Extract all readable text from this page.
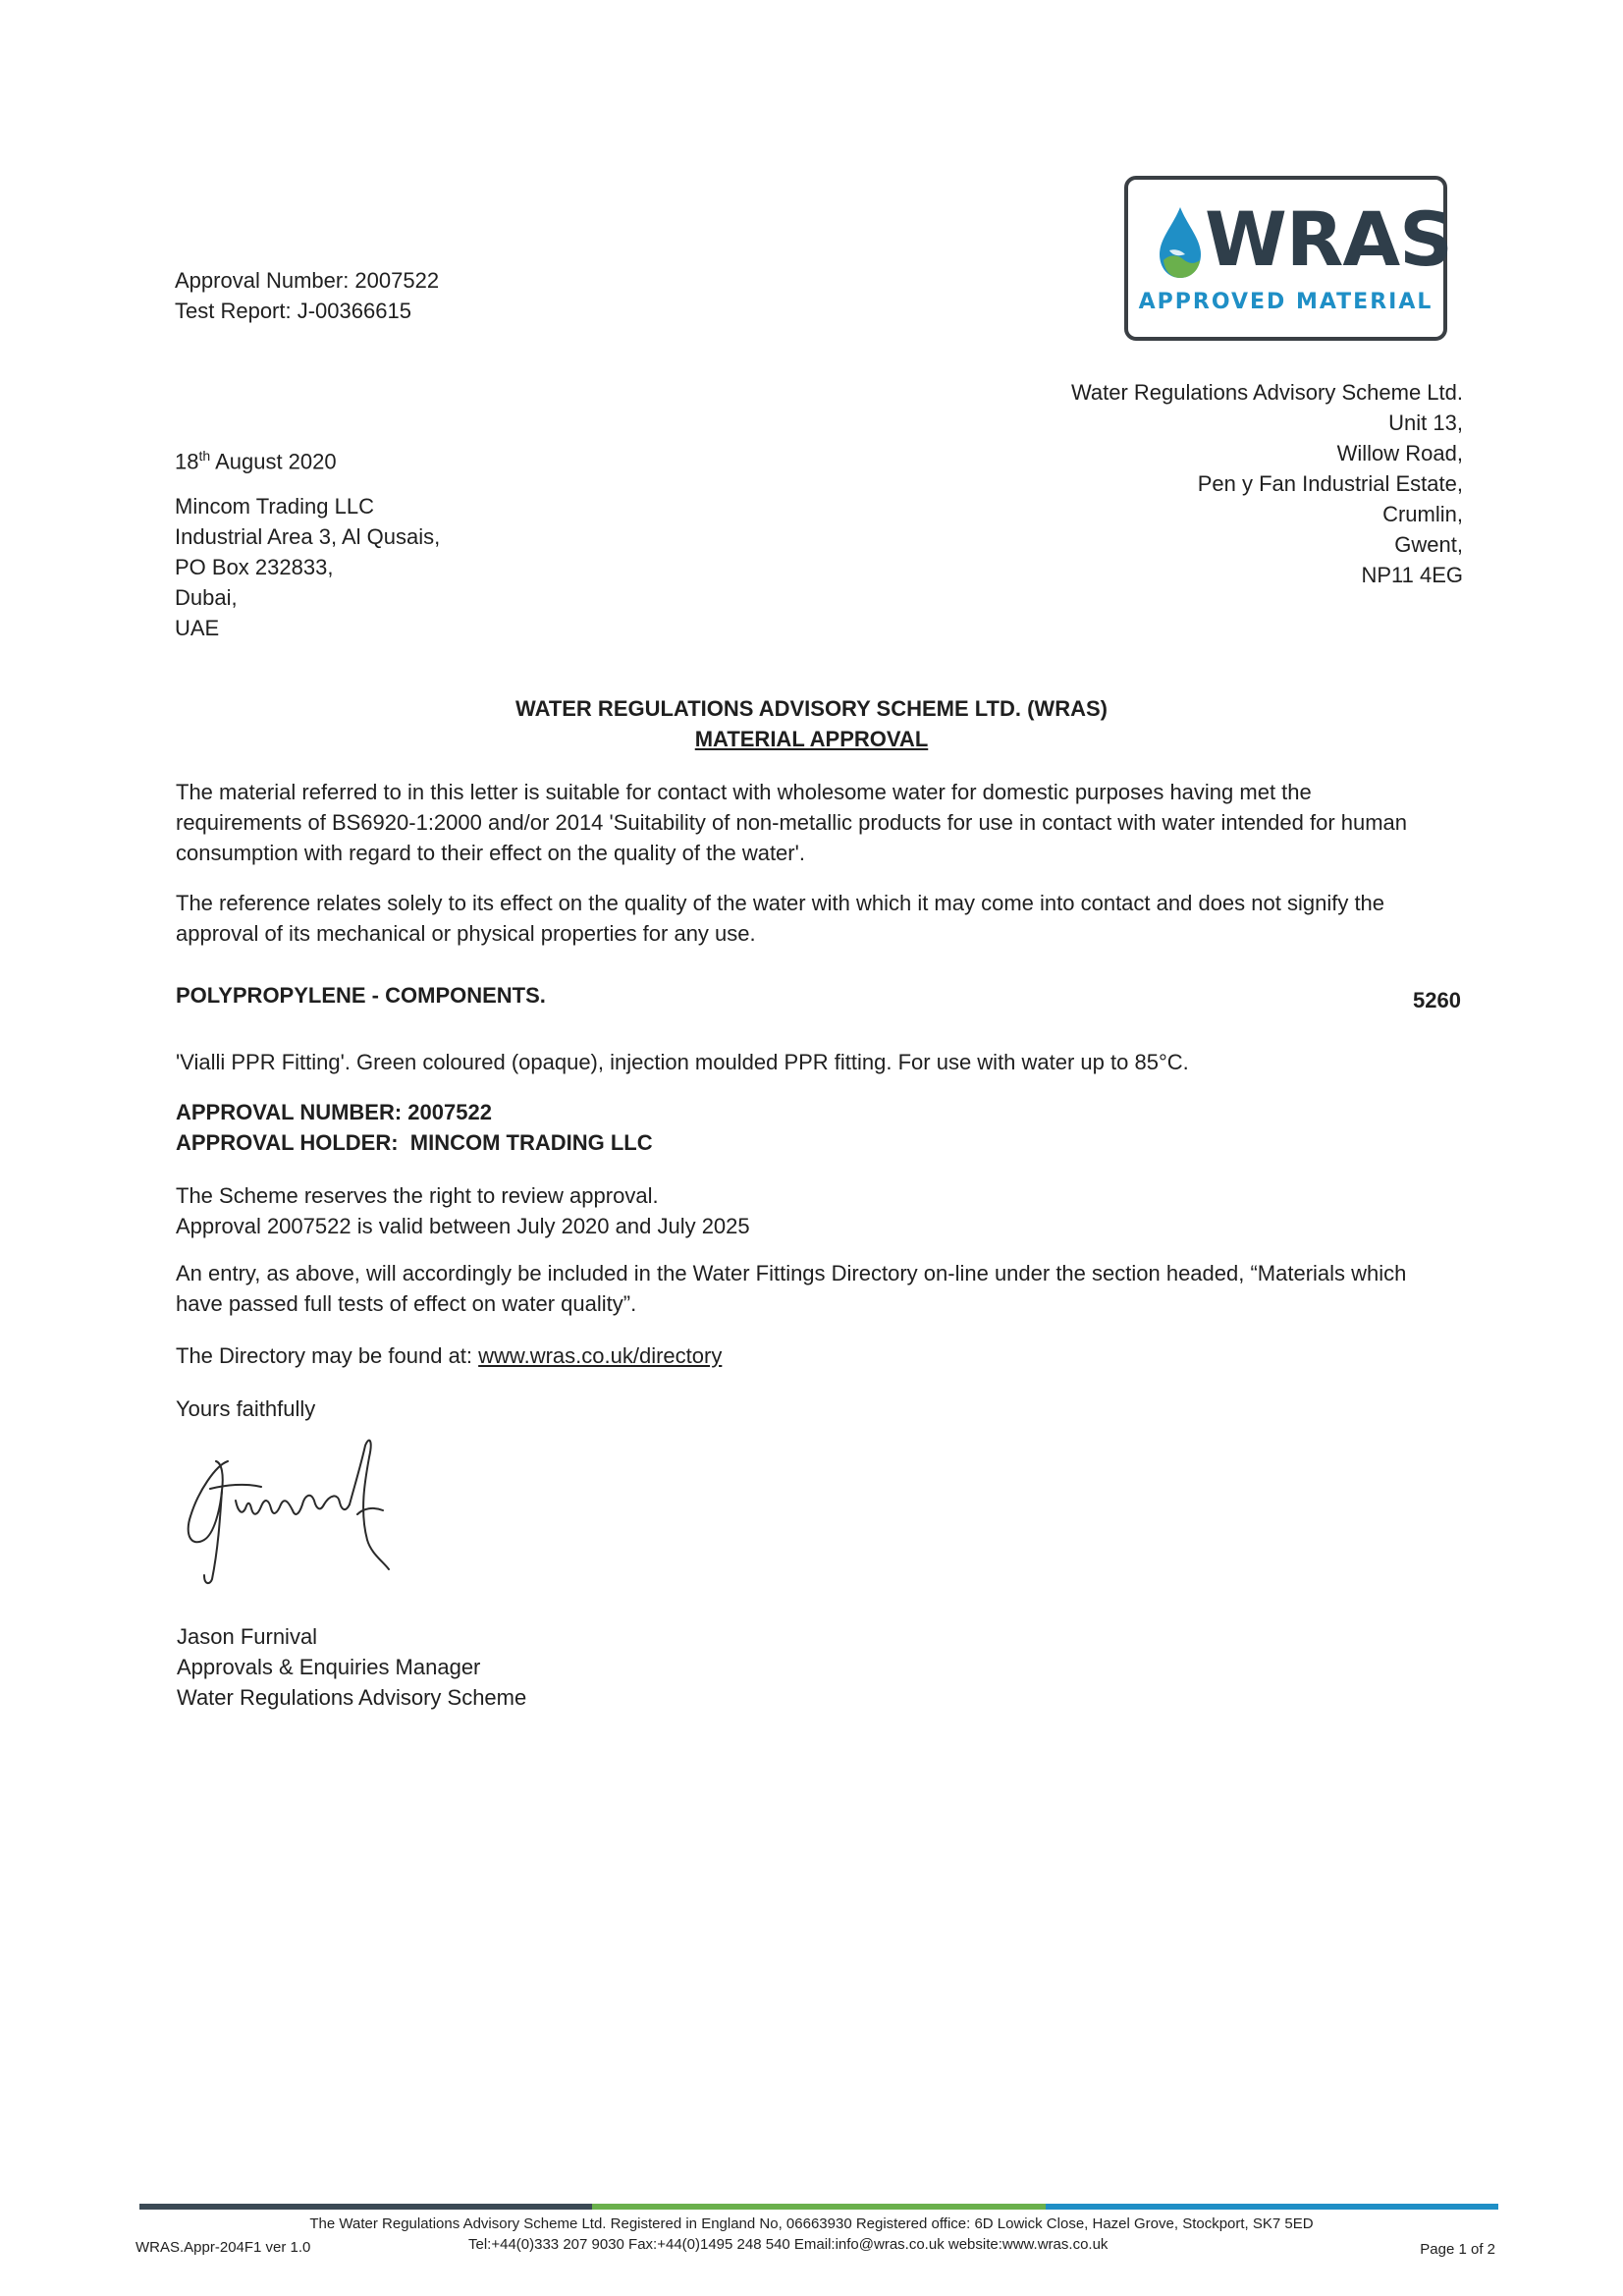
Approval Number: 2007522
Test Report: J-00366615
WRAS
APPROVED MATERIAL
Water Regulations Advisory Scheme Ltd.
Unit 13,
Willow Road,
Pen y Fan Industrial Estate,
Crumlin,
Gwent,
NP11 4EG
18th August 2020
Mincom Trading LLC
Industrial Area 3, Al Qusais,
PO Box 232833,
Dubai,
UAE
WATER REGULATIONS ADVISORY SCHEME LTD. (WRAS)
MATERIAL APPROVAL
The material referred to in this letter is suitable for contact with wholesome water for domestic purposes having met the
requirements of BS6920-1:2000 and/or 2014 'Suitability of non-metallic products for use in contact with water intended for human
consumption with regard to their effect on the quality of the water'.
The reference relates solely to its effect on the quality of the water with which it may come into contact and does not signify the
approval of its mechanical or physical properties for any use.
POLYPROPYLENE - COMPONENTS.	5260
'Vialli PPR Fitting'. Green coloured (opaque), injection moulded PPR fitting. For use with water up to 85°C.
APPROVAL NUMBER: 2007522
APPROVAL HOLDER:  MINCOM TRADING LLC
The Scheme reserves the right to review approval.
Approval 2007522 is valid between July 2020 and July 2025
An entry, as above, will accordingly be included in the Water Fittings Directory on-line under the section headed, “Materials which
have passed full tests of effect on water quality”.
The Directory may be found at: www.wras.co.uk/directory
Yours faithfully
Jason Furnival
Approvals & Enquiries Manager
Water Regulations Advisory Scheme
The Water Regulations Advisory Scheme Ltd. Registered in England No, 06663930 Registered office: 6D Lowick Close, Hazel Grove, Stockport, SK7 5ED
WRAS.Appr-204F1 ver 1.0	Tel:+44(0)333 207 9030 Fax:+44(0)1495 248 540 Email:info@wras.co.uk website:www.wras.co.uk	Page 1 of 2
